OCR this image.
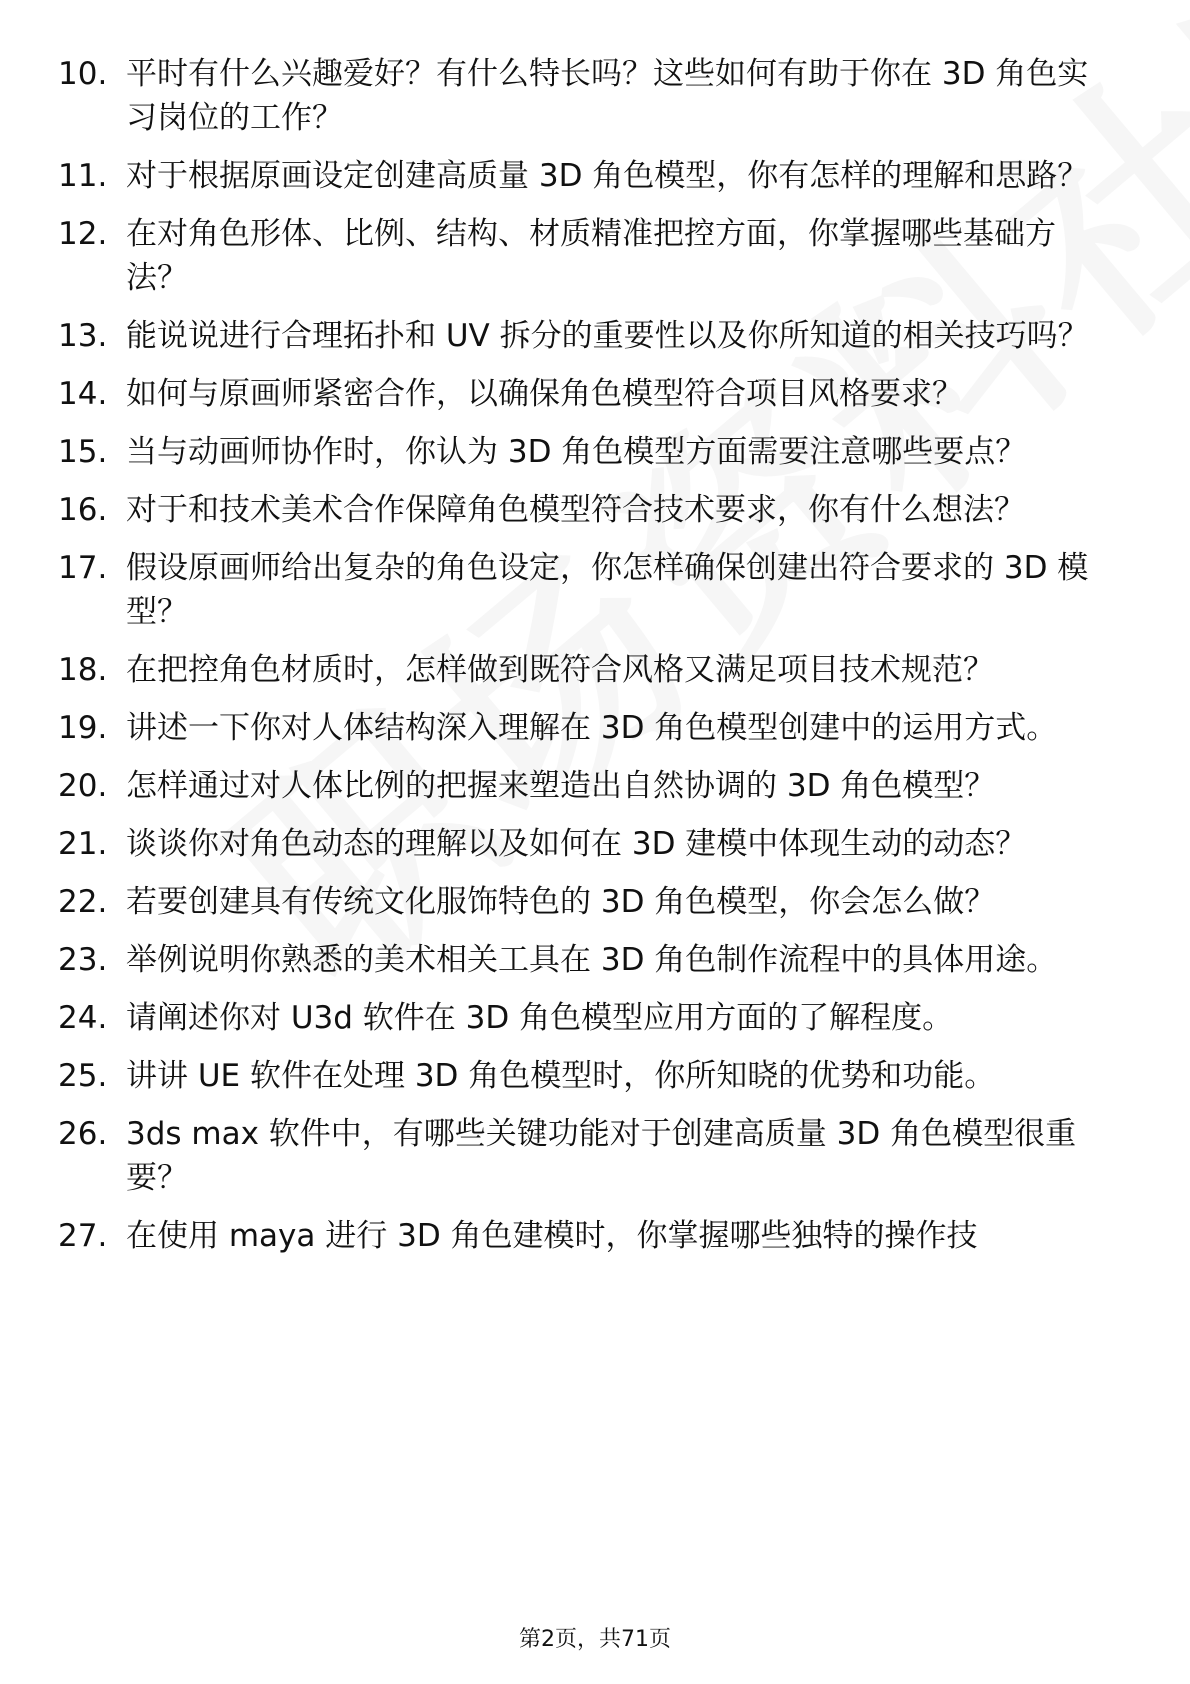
10. 平时有什么兴趣爱好？有什么特长吗？这些如何有助于你在 3D 角色实习岗位的工作？
11. 对于根据原画设定创建高质量 3D 角色模型，你有怎样的理解和思路？
12. 在对角色形体、比例、结构、材质精准把控方面，你掌握哪些基础方法？
13. 能说说进行合理拓扑和 UV 拆分的重要性以及你所知道的相关技巧吗？
14. 如何与原画师紧密合作，以确保角色模型符合项目风格要求？
15. 当与动画师协作时，你认为 3D 角色模型方面需要注意哪些要点？
16. 对于和技术美术合作保障角色模型符合技术要求，你有什么想法？
17. 假设原画师给出复杂的角色设定，你怎样确保创建出符合要求的 3D 模型？
18. 在把控角色材质时，怎样做到既符合风格又满足项目技术规范？
19. 讲述一下你对人体结构深入理解在 3D 角色模型创建中的运用方式。
20. 怎样通过对人体比例的把握来塑造出自然协调的 3D 角色模型？
21. 谈谈你对角色动态的理解以及如何在 3D 建模中体现生动的动态？
22. 若要创建具有传统文化服饰特色的 3D 角色模型，你会怎么做？
23. 举例说明你熟悉的美术相关工具在 3D 角色制作流程中的具体用途。
24. 请阐述你对 U3d 软件在 3D 角色模型应用方面的了解程度。
25. 讲讲 UE 软件在处理 3D 角色模型时，你所知晓的优势和功能。
26. 3ds max 软件中，有哪些关键功能对于创建高质量 3D 角色模型很重要？
27. 在使用 maya 进行 3D 角色建模时，你掌握哪些独特的操作技
第2页，共71页
